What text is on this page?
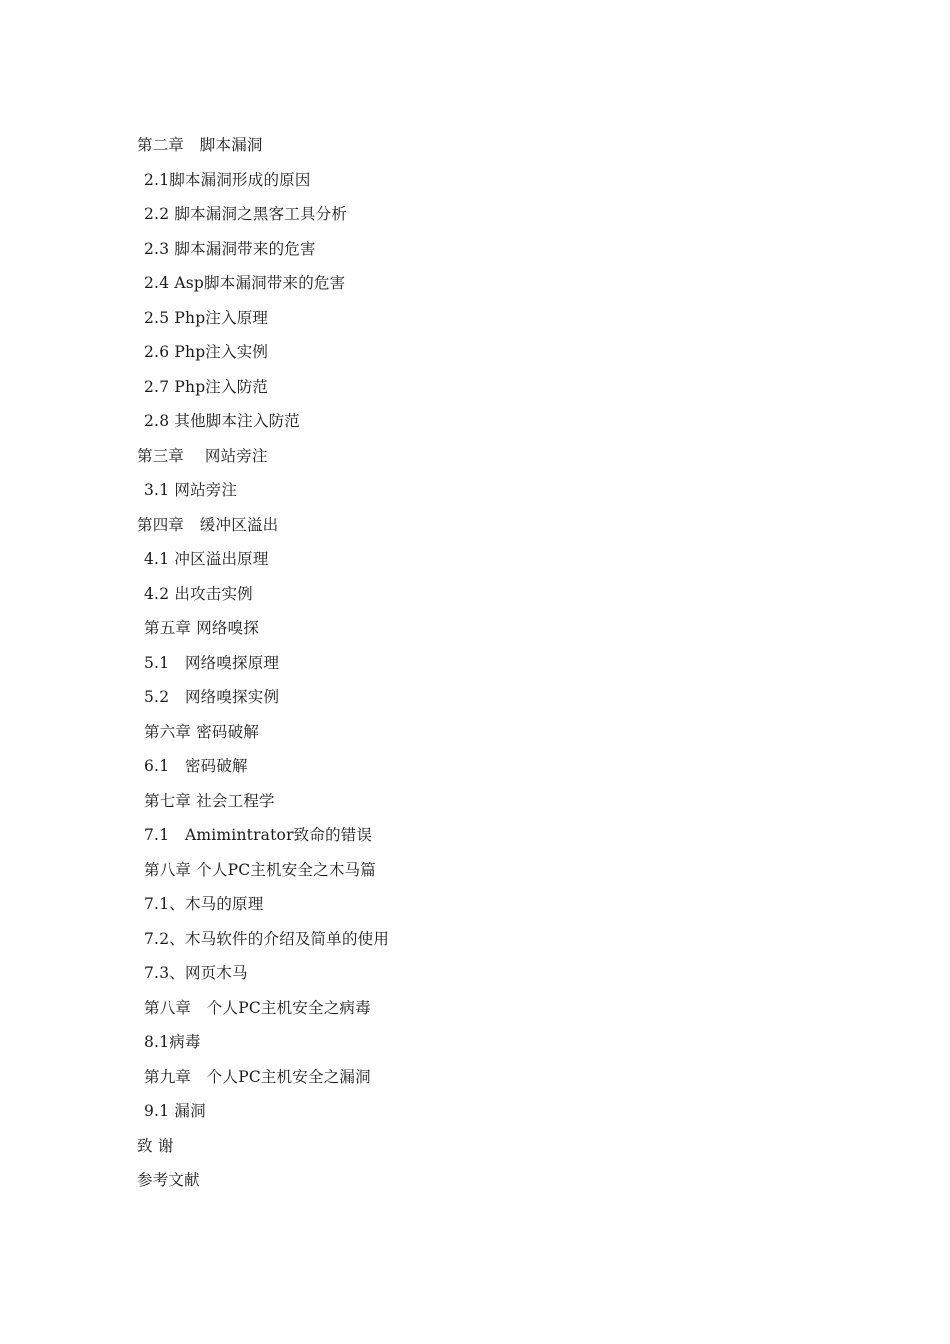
第二章　脚本漏洞
2.1脚本漏洞形成的原因
2.2 脚本漏洞之黑客工具分析
2.3 脚本漏洞带来的危害
2.4 Asp脚本漏洞带来的危害
2.5 Php注入原理
2.6 Php注入实例
2.7 Php注入防范
2.8 其他脚本注入防范
第三章　 网站旁注
3.1 网站旁注
第四章　缓冲区溢出
4.1 冲区溢出原理
4.2 出攻击实例
第五章 网络嗅探
5.1　网络嗅探原理
5.2　网络嗅探实例
第六章 密码破解
6.1　密码破解
第七章 社会工程学
7.1　Amimintrator致命的错误
第八章 个人PC主机安全之木马篇
7.1、木马的原理
7.2、木马软件的介绍及简单的使用
7.3、网页木马
第八章　个人PC主机安全之病毒
8.1病毒
第九章　个人PC主机安全之漏洞
9.1 漏洞
致 谢
参考文献
